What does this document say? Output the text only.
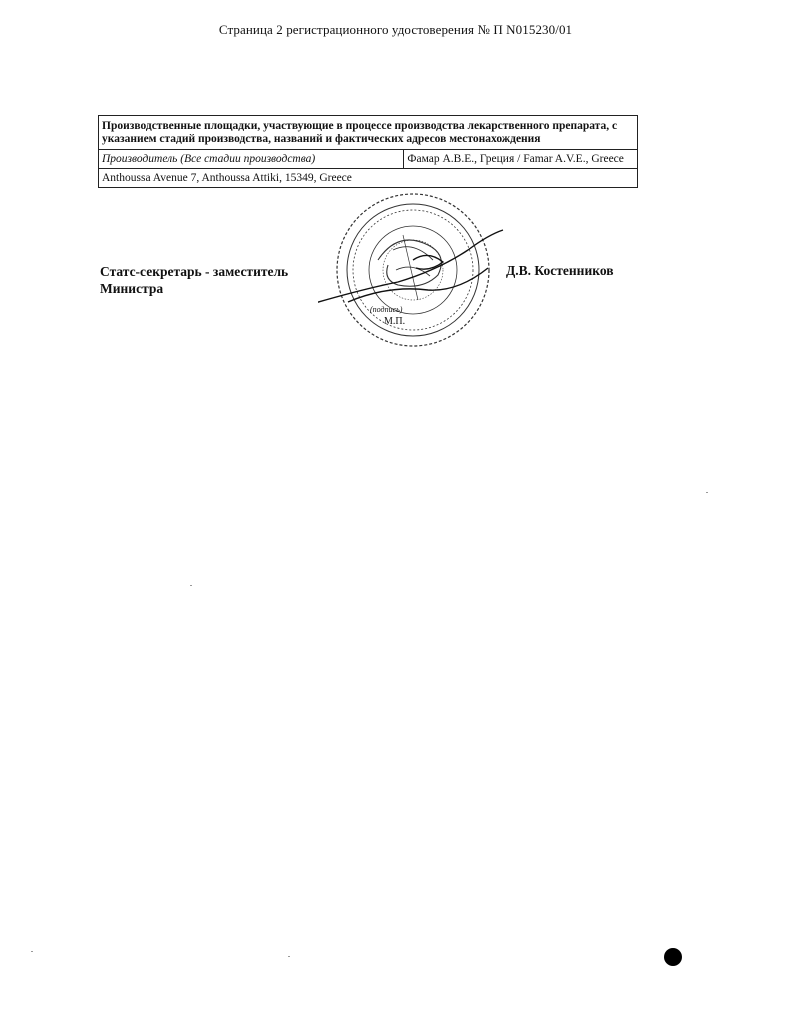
Страница 2 регистрационного удостоверения № П N015230/01
Производственные площадки, участвующие в процессе производства лекарственного препарата, с указанием стадий производства, названий и фактических адресов местонахождения
Производитель (Все стадии производства)	Фамар А.В.Е., Греция / Famar A.V.E., Greece
Anthoussa Avenue 7, Anthoussa Attiki, 15349, Greece
Статс-секретарь - заместитель
Министра
Д.В. Костенников
(подпись)
М.П.
